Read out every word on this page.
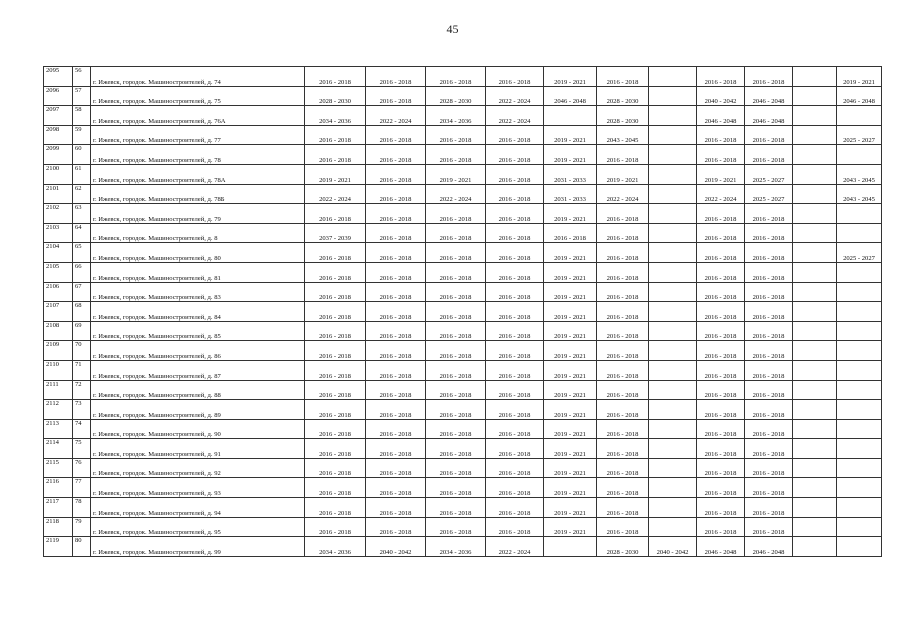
45
2095	56	г. Ижевск, городок. Машиностроителей, д. 74	2016 - 2018	2016 - 2018	2016 - 2018	2016 - 2018	2019 - 2021	2016 - 2018		2016 - 2018	2016 - 2018		2019 - 2021
2096	57	г. Ижевск, городок. Машиностроителей, д. 75	2028 - 2030	2016 - 2018	2028 - 2030	2022 - 2024	2046 - 2048	2028 - 2030		2040 - 2042	2046 - 2048		2046 - 2048
2097	58	г. Ижевск, городок. Машиностроителей, д. 76А	2034 - 2036	2022 - 2024	2034 - 2036	2022 - 2024		2028 - 2030		2046 - 2048	2046 - 2048		
2098	59	г. Ижевск, городок. Машиностроителей, д. 77	2016 - 2018	2016 - 2018	2016 - 2018	2016 - 2018	2019 - 2021	2043 - 2045		2016 - 2018	2016 - 2018		2025 - 2027
2099	60	г. Ижевск, городок. Машиностроителей, д. 78	2016 - 2018	2016 - 2018	2016 - 2018	2016 - 2018	2019 - 2021	2016 - 2018		2016 - 2018	2016 - 2018		
2100	61	г. Ижевск, городок. Машиностроителей, д. 78А	2019 - 2021	2016 - 2018	2019 - 2021	2016 - 2018	2031 - 2033	2019 - 2021		2019 - 2021	2025 - 2027		2043 - 2045
2101	62	г. Ижевск, городок. Машиностроителей, д. 78Б	2022 - 2024	2016 - 2018	2022 - 2024	2016 - 2018	2031 - 2033	2022 - 2024		2022 - 2024	2025 - 2027		2043 - 2045
2102	63	г. Ижевск, городок. Машиностроителей, д. 79	2016 - 2018	2016 - 2018	2016 - 2018	2016 - 2018	2019 - 2021	2016 - 2018		2016 - 2018	2016 - 2018		
2103	64	г. Ижевск, городок. Машиностроителей, д. 8	2037 - 2039	2016 - 2018	2016 - 2018	2016 - 2018	2016 - 2018	2016 - 2018		2016 - 2018	2016 - 2018		
2104	65	г. Ижевск, городок. Машиностроителей, д. 80	2016 - 2018	2016 - 2018	2016 - 2018	2016 - 2018	2019 - 2021	2016 - 2018		2016 - 2018	2016 - 2018		2025 - 2027
2105	66	г. Ижевск, городок. Машиностроителей, д. 81	2016 - 2018	2016 - 2018	2016 - 2018	2016 - 2018	2019 - 2021	2016 - 2018		2016 - 2018	2016 - 2018		
2106	67	г. Ижевск, городок. Машиностроителей, д. 83	2016 - 2018	2016 - 2018	2016 - 2018	2016 - 2018	2019 - 2021	2016 - 2018		2016 - 2018	2016 - 2018		
2107	68	г. Ижевск, городок. Машиностроителей, д. 84	2016 - 2018	2016 - 2018	2016 - 2018	2016 - 2018	2019 - 2021	2016 - 2018		2016 - 2018	2016 - 2018		
2108	69	г. Ижевск, городок. Машиностроителей, д. 85	2016 - 2018	2016 - 2018	2016 - 2018	2016 - 2018	2019 - 2021	2016 - 2018		2016 - 2018	2016 - 2018		
2109	70	г. Ижевск, городок. Машиностроителей, д. 86	2016 - 2018	2016 - 2018	2016 - 2018	2016 - 2018	2019 - 2021	2016 - 2018		2016 - 2018	2016 - 2018		
2110	71	г. Ижевск, городок. Машиностроителей, д. 87	2016 - 2018	2016 - 2018	2016 - 2018	2016 - 2018	2019 - 2021	2016 - 2018		2016 - 2018	2016 - 2018		
2111	72	г. Ижевск, городок. Машиностроителей, д. 88	2016 - 2018	2016 - 2018	2016 - 2018	2016 - 2018	2019 - 2021	2016 - 2018		2016 - 2018	2016 - 2018		
2112	73	г. Ижевск, городок. Машиностроителей, д. 89	2016 - 2018	2016 - 2018	2016 - 2018	2016 - 2018	2019 - 2021	2016 - 2018		2016 - 2018	2016 - 2018		
2113	74	г. Ижевск, городок. Машиностроителей, д. 90	2016 - 2018	2016 - 2018	2016 - 2018	2016 - 2018	2019 - 2021	2016 - 2018		2016 - 2018	2016 - 2018		
2114	75	г. Ижевск, городок. Машиностроителей, д. 91	2016 - 2018	2016 - 2018	2016 - 2018	2016 - 2018	2019 - 2021	2016 - 2018		2016 - 2018	2016 - 2018		
2115	76	г. Ижевск, городок. Машиностроителей, д. 92	2016 - 2018	2016 - 2018	2016 - 2018	2016 - 2018	2019 - 2021	2016 - 2018		2016 - 2018	2016 - 2018		
2116	77	г. Ижевск, городок. Машиностроителей, д. 93	2016 - 2018	2016 - 2018	2016 - 2018	2016 - 2018	2019 - 2021	2016 - 2018		2016 - 2018	2016 - 2018		
2117	78	г. Ижевск, городок. Машиностроителей, д. 94	2016 - 2018	2016 - 2018	2016 - 2018	2016 - 2018	2019 - 2021	2016 - 2018		2016 - 2018	2016 - 2018		
2118	79	г. Ижевск, городок. Машиностроителей, д. 95	2016 - 2018	2016 - 2018	2016 - 2018	2016 - 2018	2019 - 2021	2016 - 2018		2016 - 2018	2016 - 2018		
2119	80	г. Ижевск, городок. Машиностроителей, д. 99	2034 - 2036	2040 - 2042	2034 - 2036	2022 - 2024		2028 - 2030	2040 - 2042	2046 - 2048	2046 - 2048		
